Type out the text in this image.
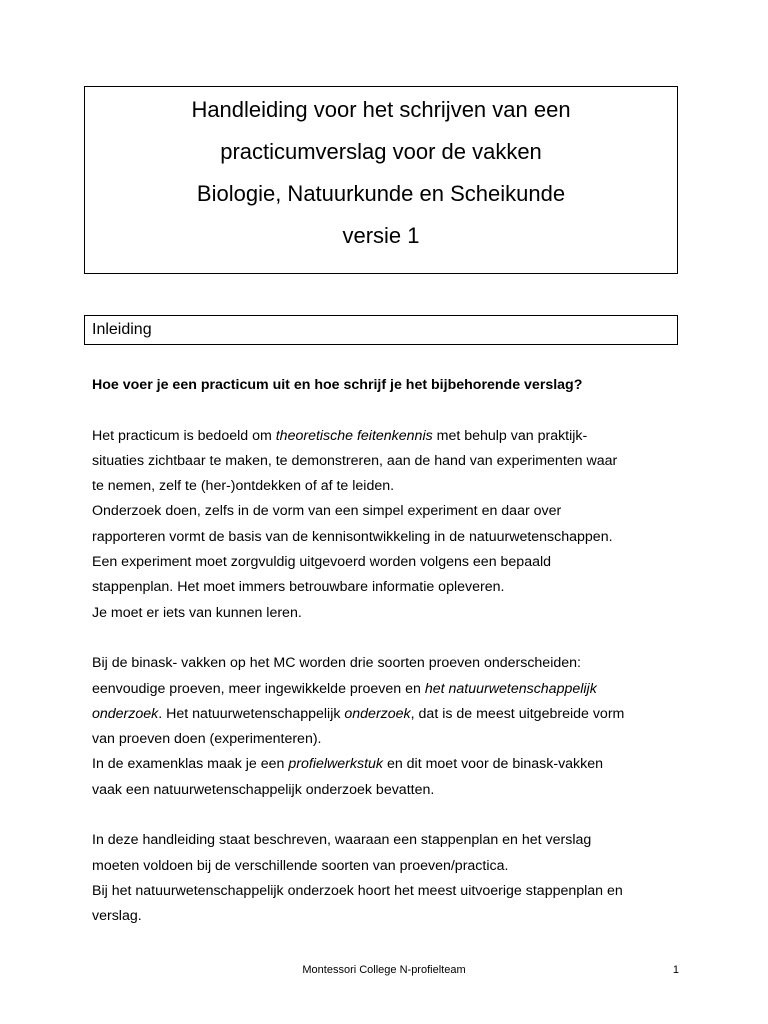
Handleiding voor het schrijven van een
practicumverslag voor de vakken
Biologie, Natuurkunde en Scheikunde
versie 1
Inleiding
Hoe voer je een practicum uit en hoe schrijf je het bijbehorende verslag?
Het practicum is bedoeld om theoretische feitenkennis met behulp van praktijk-
situaties zichtbaar te maken, te demonstreren, aan de hand van experimenten waar
te nemen, zelf te (her-)ontdekken of af te leiden.
Onderzoek doen, zelfs in de vorm van een simpel experiment en daar over
rapporteren vormt de basis van de kennisontwikkeling in de natuurwetenschappen.
Een experiment moet zorgvuldig uitgevoerd worden volgens een bepaald
stappenplan. Het moet immers betrouwbare informatie opleveren.
Je moet er iets van kunnen leren.
Bij de binask- vakken op het MC worden drie soorten proeven onderscheiden:
eenvoudige proeven, meer ingewikkelde proeven en het natuurwetenschappelijk
onderzoek. Het natuurwetenschappelijk onderzoek, dat is de meest uitgebreide vorm
van proeven doen (experimenteren).
In de examenklas maak je een profielwerkstuk en dit moet voor de binask-vakken
vaak een natuurwetenschappelijk onderzoek bevatten.
In deze handleiding staat beschreven, waaraan een stappenplan en het verslag
moeten voldoen bij de verschillende soorten van proeven/practica.
Bij het natuurwetenschappelijk onderzoek hoort het meest uitvoerige stappenplan en
verslag.
Montessori College N-profielteam	1
